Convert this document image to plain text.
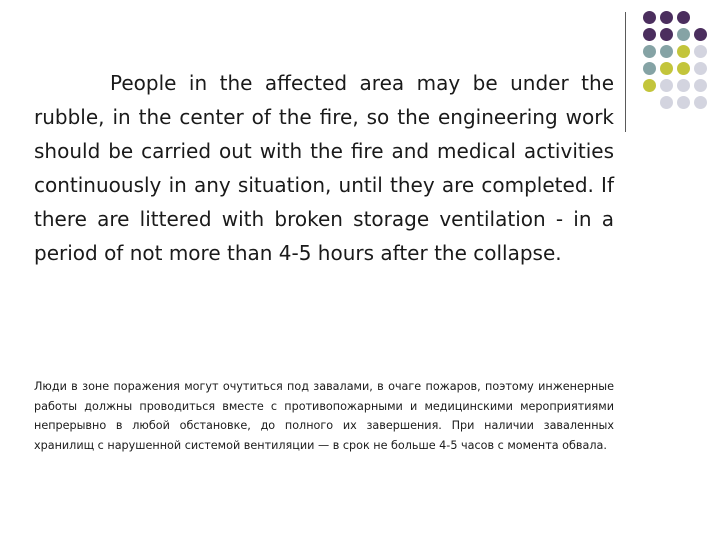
People in the affected area may be under the rubble, in the center of the fire, so the engineering work should be carried out with the fire and medical activities continuously in any situation, until they are completed. If there are littered with broken storage ventilation - in a period of not more than 4-5 hours after the collapse.

Люди в зоне поражения могут очутиться под завалами, в очаге пожаров, поэтому инженерные работы должны проводиться вместе с противопожарными и медицинскими мероприятиями непрерывно в любой обстановке, до полного их завершения. При наличии заваленных хранилищ с нарушенной системой вентиляции — в срок не больше 4-5 часов с момента обвала.
